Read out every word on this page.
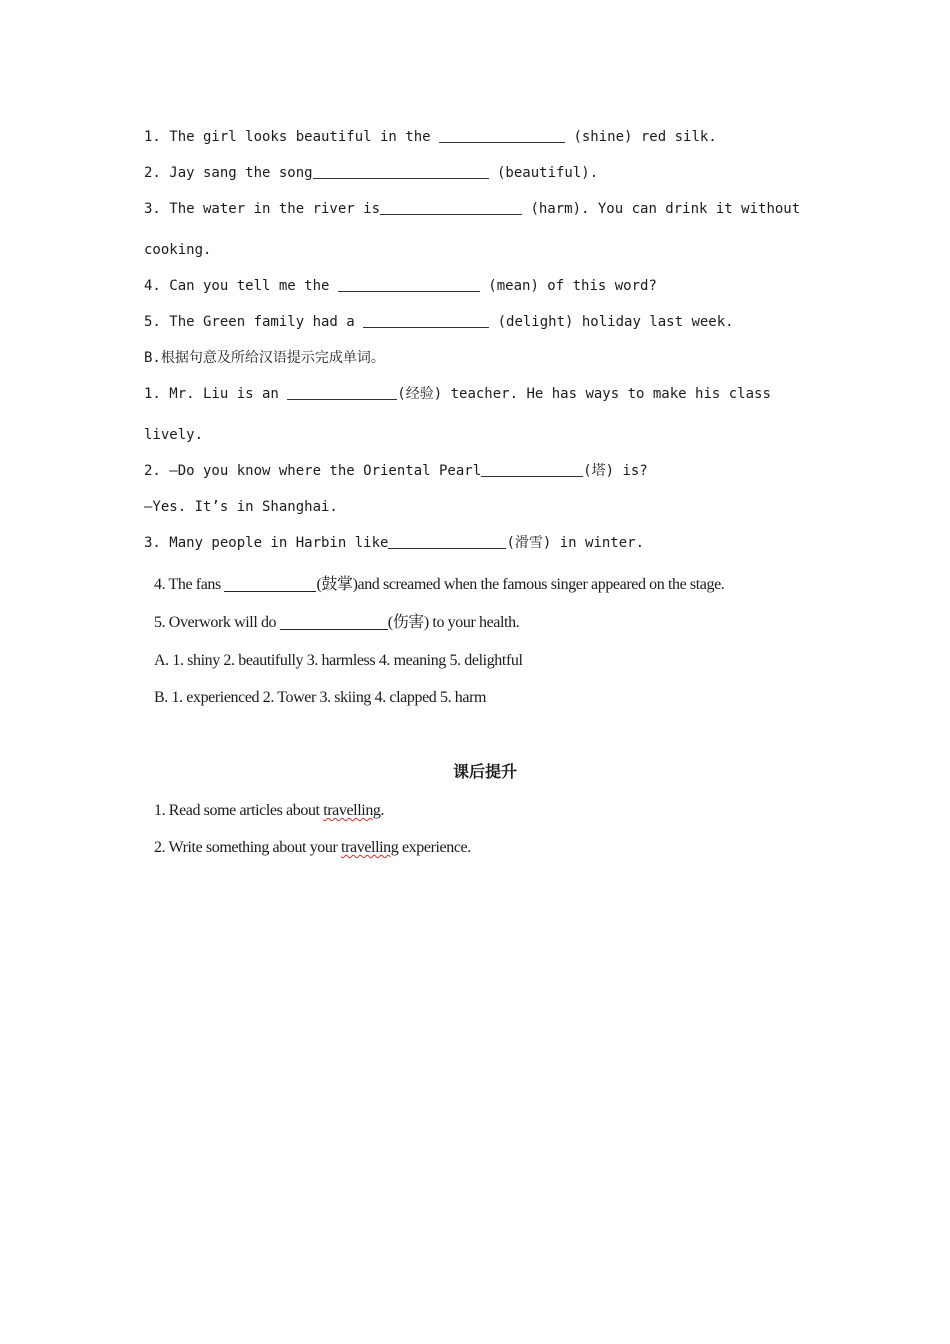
1. The girl looks beautiful in the	(shine) red silk.
2. Jay sang the song	(beautiful).
3. The water in the river is	(harm). You can drink it without
cooking.
4. Can you tell me the	(mean) of this word?
5. The Green family had a	(delight) holiday last week.
B.根据句意及所给汉语提示完成单词。
1. Mr. Liu is an	(经验) teacher. He has ways to make his class
lively.
2. —Do you know where the Oriental Pearl	(塔) is?
—Yes. It’s in Shanghai.
3. Many people in Harbin like	(滑雪) in winter.
4. The fans	(鼓掌)and screamed when the famous singer appeared on the stage.
5. Overwork will do	(伤害) to your health.
A. 1. shiny 2. beautifully 3. harmless 4. meaning 5. delightful
B. 1. experienced 2. Tower 3. skiing 4. clapped 5. harm
课后提升
1. Read some articles about travelling.
2. Write something about your travelling experience.
